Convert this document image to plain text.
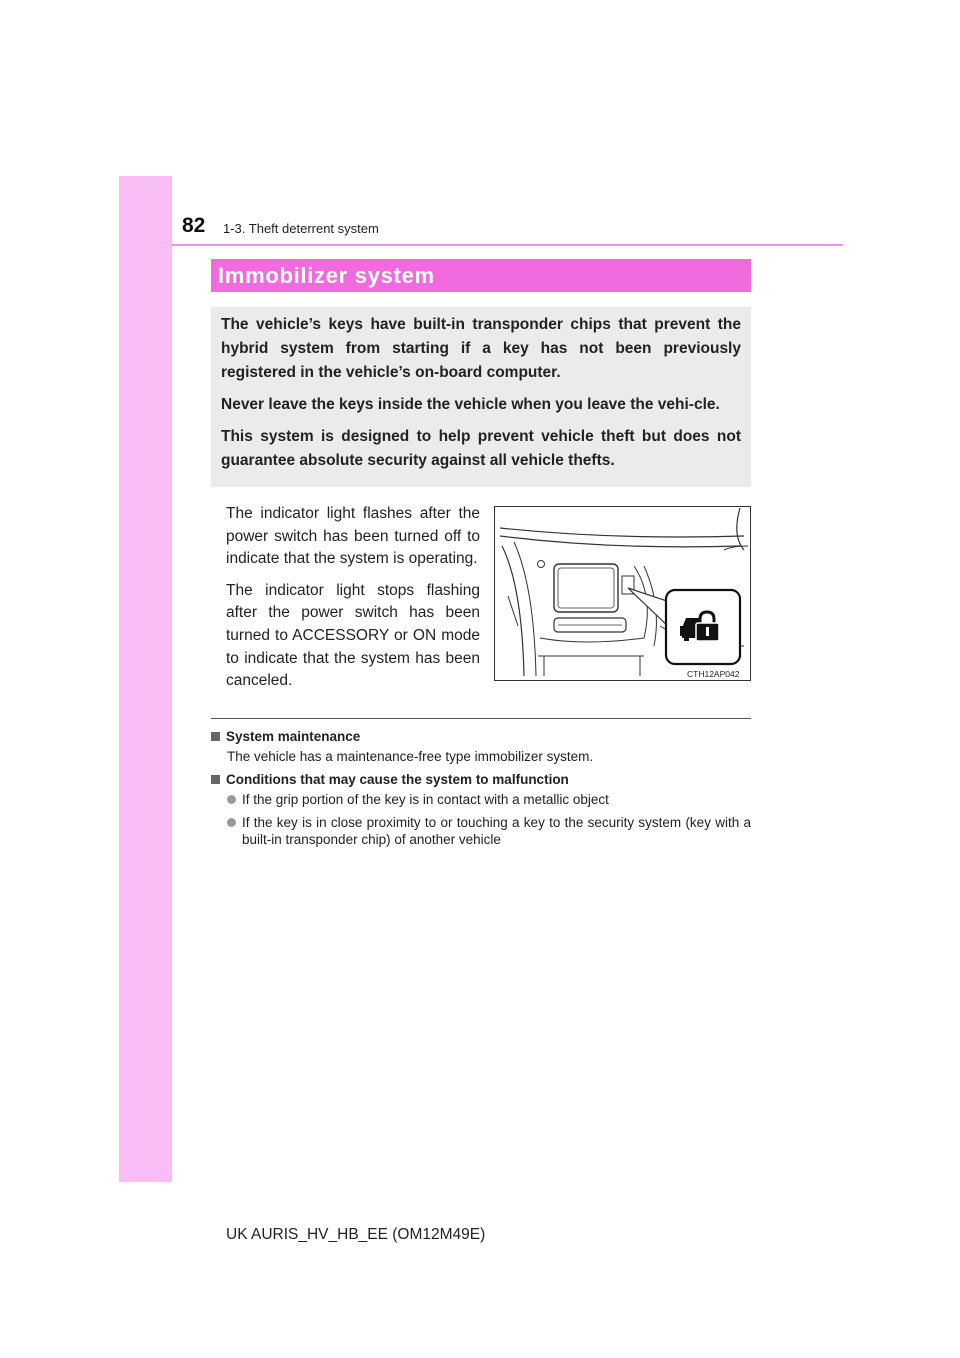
82 1-3. Theft deterrent system
Immobilizer system

The vehicle’s keys have built-in transponder chips that prevent the hybrid system from starting if a key has not been previously registered in the vehicle’s on-board computer.

Never leave the keys inside the vehicle when you leave the vehi-cle.

This system is designed to help prevent vehicle theft but does not guarantee absolute security against all vehicle thefts.

The indicator light flashes after the power switch has been turned off to indicate that the system is operating.

The indicator light stops flashing after the power switch has been turned to ACCESSORY or ON mode to indicate that the system has been canceled.	CTH12AP042
System maintenance
The vehicle has a maintenance-free type immobilizer system.
Conditions that may cause the system to malfunction
If the grip portion of the key is in contact with a metallic object
If the key is in close proximity to or touching a key to the security system (key with a built-in transponder chip) of another vehicle
UK AURIS_HV_HB_EE (OM12M49E)
